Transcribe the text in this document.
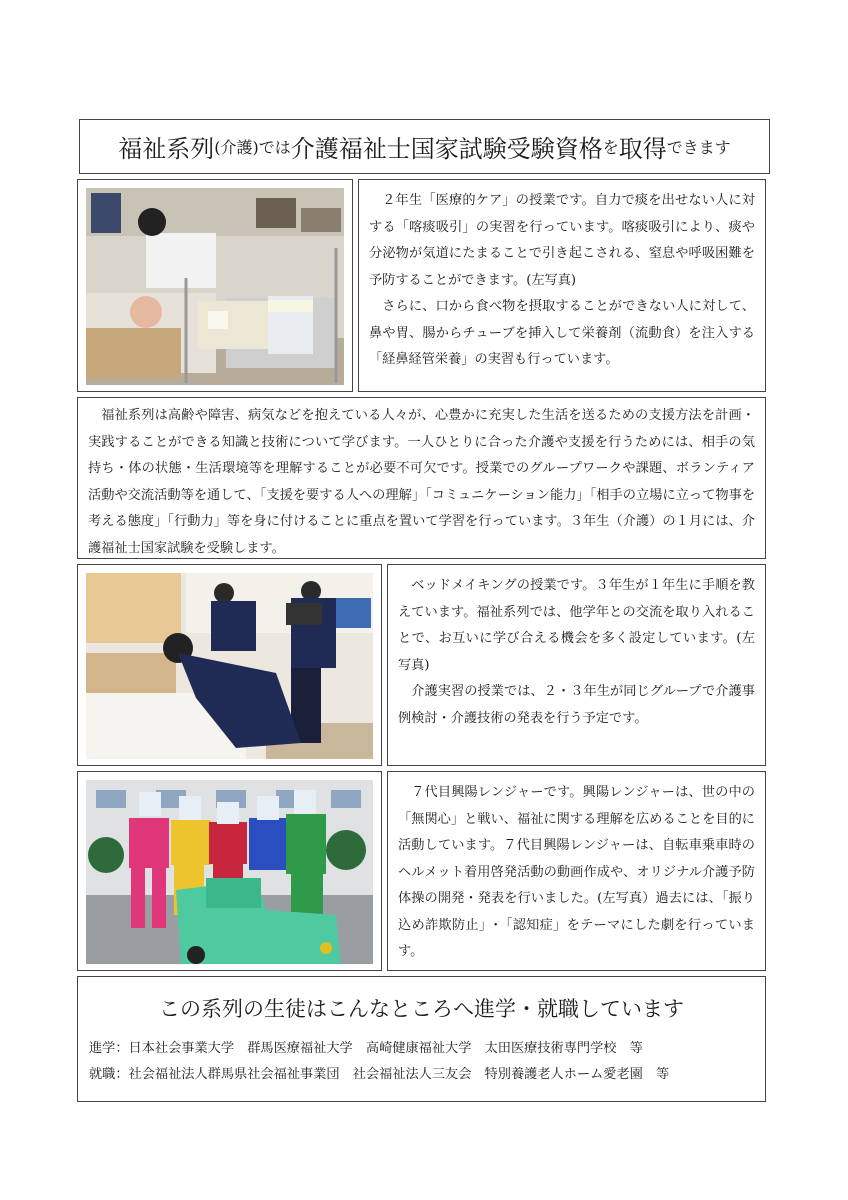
福祉系列 (介護) では 介護福祉士国家試験受験資格 を 取得 できます

２年生「医療的ケア」の授業です。自力で痰を出せない人に対する「喀痰吸引」の実習を行っています。喀痰吸引により、痰や分泌物が気道にたまることで引き起こされる、窒息や呼吸困難を予防することができます。(左写真)

さらに、口から食べ物を摂取することができない人に対して、鼻や胃、腸からチューブを挿入して栄養剤（流動食）を注入する「経鼻経管栄養」の実習も行っています。

福祉系列は高齢や障害、病気などを抱えている人々が、心豊かに充実した生活を送るための支援方法を計画・実践することができる知識と技術について学びます。一人ひとりに合った介護や支援を行うためには、相手の気持ち・体の状態・生活環境等を理解することが必要不可欠です。授業でのグループワークや課題、ボランティア活動や交流活動等を通して、「支援を要する人への理解」「コミュニケーション能力」「相手の立場に立って物事を考える態度」「行動力」等を身に付けることに重点を置いて学習を行っています。３年生（介護）の１月には、介護福祉士国家試験を受験します。

ベッドメイキングの授業です。３年生が１年生に手順を教えています。福祉系列では、他学年との交流を取り入れることで、お互いに学び合える機会を多く設定しています。(左写真)

介護実習の授業では、２・３年生が同じグループで介護事例検討・介護技術の発表を行う予定です。

７代目興陽レンジャーです。興陽レンジャーは、世の中の「無関心」と戦い、福祉に関する理解を広めることを目的に活動しています。７代目興陽レンジャーは、自転車乗車時のヘルメット着用啓発活動の動画作成や、オリジナル介護予防体操の開発・発表を行いました。(左写真）過去には、「振り込め詐欺防止」･「認知症」をテーマにした劇を行っています。

この系列の生徒はこんなところへ進学・就職しています
進学：日本社会事業大学　群馬医療福祉大学　高崎健康福祉大学　太田医療技術専門学校　等
就職：社会福祉法人群馬県社会福祉事業団　社会福祉法人三友会　特別養護老人ホーム愛老園　等
